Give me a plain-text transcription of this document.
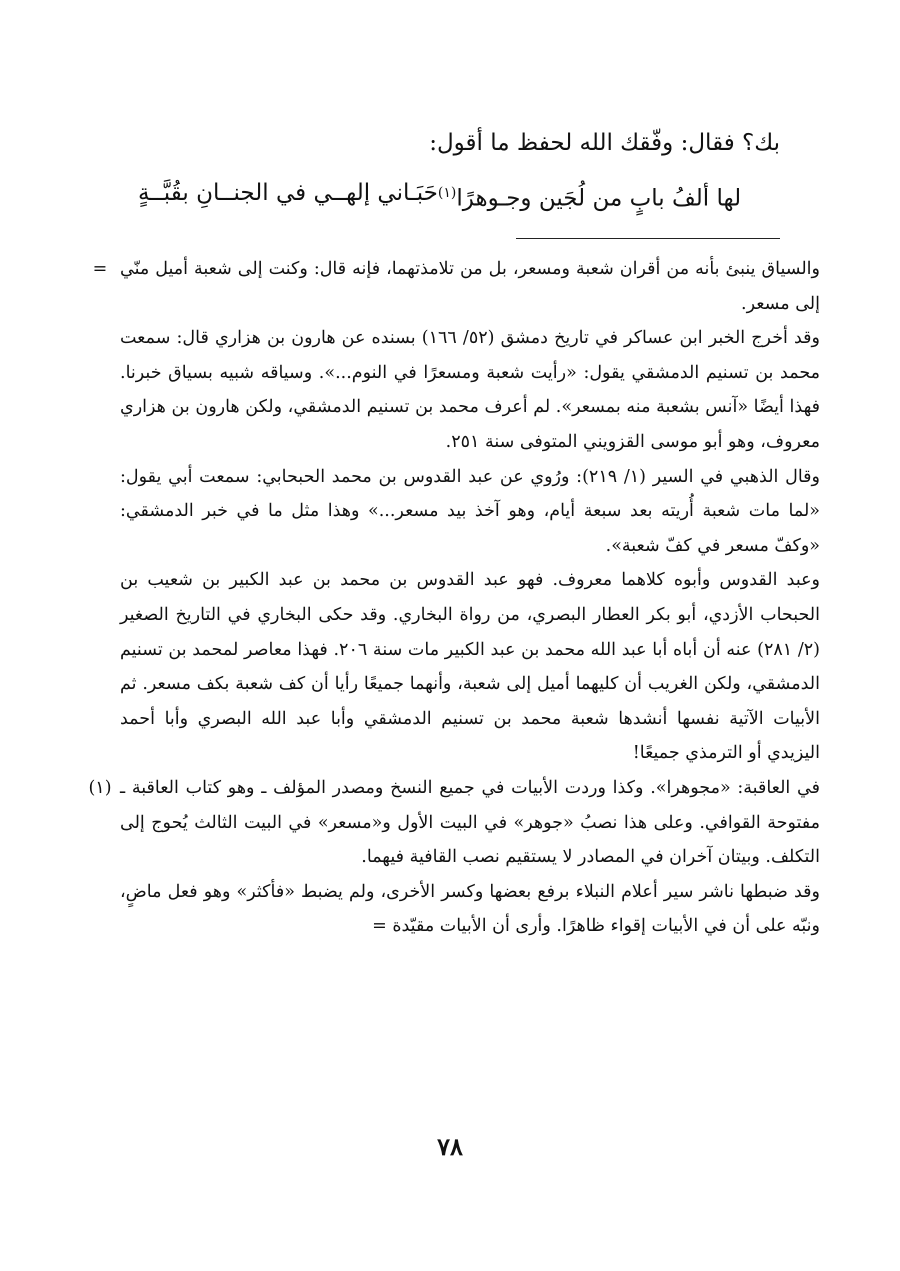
بك؟ فقال: وفّقك الله لحفظ ما أقول:
حَبَـاني إلهــي في الجنــانِ بقُبَّــةٍ لها ألفُ بابٍ من لُجَين وجـوهرًا$^{(١)}$
= والسياق ينبئ بأنه من أقران شعبة ومسعر، بل من تلامذتهما، فإنه قال: وكنت إلى شعبة أميل منّي إلى مسعر.

وقد أخرج الخبر ابن عساكر في تاريخ دمشق (٥٢/ ١٦٦) بسنده عن هارون بن هزاري قال: سمعت محمد بن تسنيم الدمشقي يقول: «رأيت شعبة ومسعرًا في النوم...». وسياقه شبيه بسياق خبرنا. فهذا أيضًا «آنس بشعبة منه بمسعر». لم أعرف محمد بن تسنيم الدمشقي، ولكن هارون بن هزاري معروف، وهو أبو موسى القزويني المتوفى سنة ٢٥١.

وقال الذهبي في السير (١/ ٢١٩): ورُوي عن عبد القدوس بن محمد الحبحابي: سمعت أبي يقول: «لما مات شعبة أُريته بعد سبعة أيام، وهو آخذ بيد مسعر...» وهذا مثل ما في خبر الدمشقي: «وكفّ مسعر في كفّ شعبة».

وعبد القدوس وأبوه كلاهما معروف. فهو عبد القدوس بن محمد بن عبد الكبير بن شعيب بن الحبحاب الأزدي، أبو بكر العطار البصري، من رواة البخاري. وقد حكى البخاري في التاريخ الصغير (٢/ ٢٨١) عنه أن أباه أبا عبد الله محمد بن عبد الكبير مات سنة ٢٠٦. فهذا معاصر لمحمد بن تسنيم الدمشقي، ولكن الغريب أن كليهما أميل إلى شعبة، وأنهما جميعًا رأيا أن كف شعبة بكف مسعر. ثم الأبيات الآتية نفسها أنشدها شعبة محمد بن تسنيم الدمشقي وأبا عبد الله البصري وأبا أحمد اليزيدي أو الترمذي جميعًا!

(١) في العاقبة: «مجوهرا». وكذا وردت الأبيات في جميع النسخ ومصدر المؤلف ـ وهو كتاب العاقبة ـ مفتوحة القوافي. وعلى هذا نصبُ «جوهر» في البيت الأول و«مسعر» في البيت الثالث يُحوج إلى التكلف. وبيتان آخران في المصادر لا يستقيم نصب القافية فيهما.

وقد ضبطها ناشر سير أعلام النبلاء برفع بعضها وكسر الأخرى، ولم يضبط «فأكثر» وهو فعل ماضٍ، ونبّه على أن في الأبيات إقواء ظاهرًا. وأرى أن الأبيات مقيّدة =

٧٨
